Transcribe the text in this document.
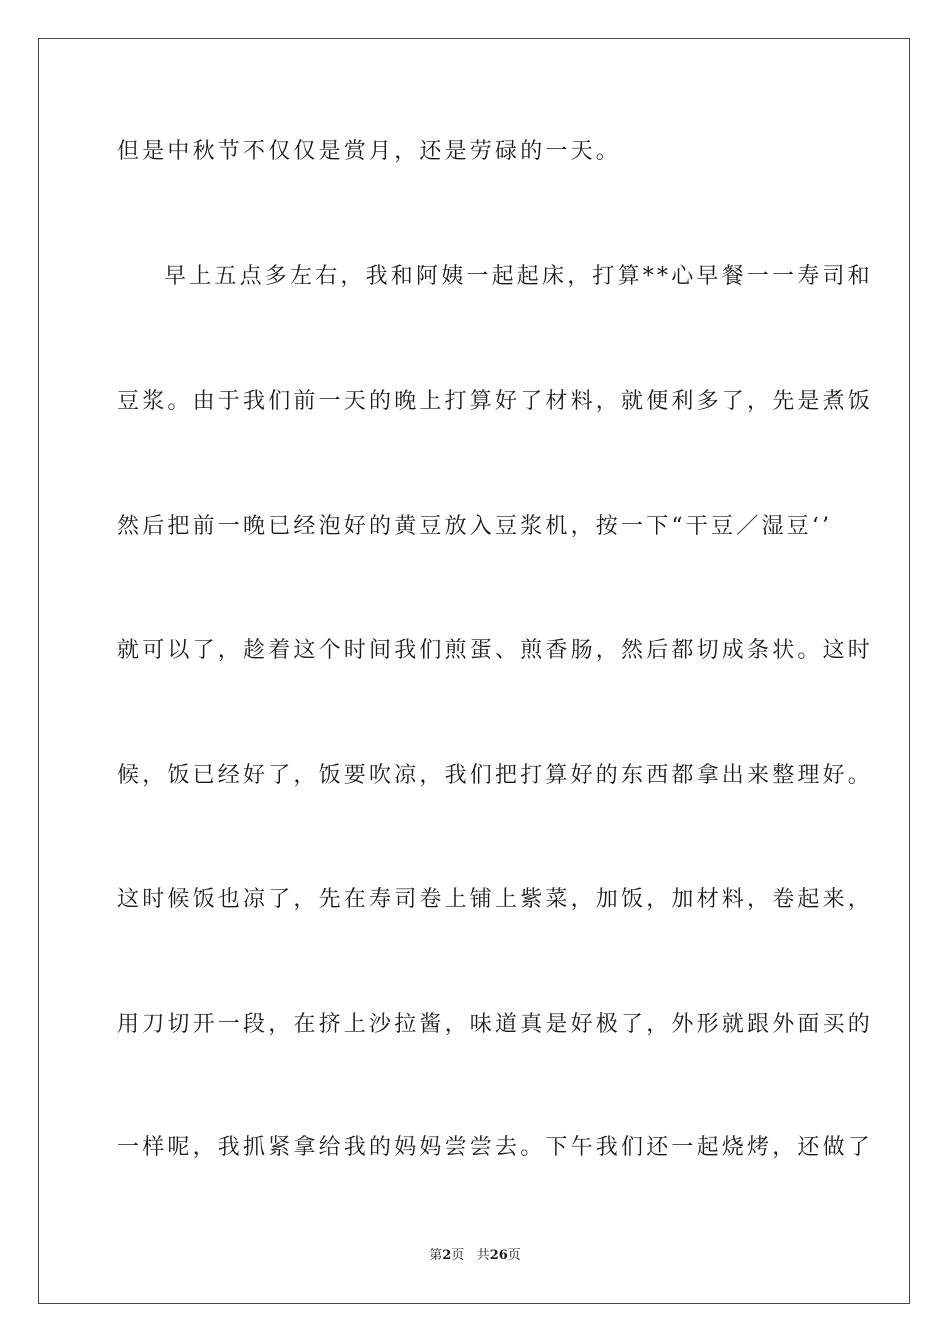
但是中秋节不仅仅是赏月，还是劳碌的一天。
早上五点多左右，我和阿姨一起起床，打算**心早餐一一寿司和
豆浆。由于我们前一天的晚上打算好了材料，就便利多了，先是煮饭
然后把前一晚已经泡好的黄豆放入豆浆机，按一下“干豆／湿豆‘’
就可以了，趁着这个时间我们煎蛋、煎香肠，然后都切成条状。这时
候，饭已经好了，饭要吹凉，我们把打算好的东西都拿出来整理好。
这时候饭也凉了，先在寿司卷上铺上紫菜，加饭，加材料，卷起来，
用刀切开一段，在挤上沙拉酱，味道真是好极了，外形就跟外面买的
一样呢，我抓紧拿给我的妈妈尝尝去。下午我们还一起烧烤，还做了
第2页 共26页
